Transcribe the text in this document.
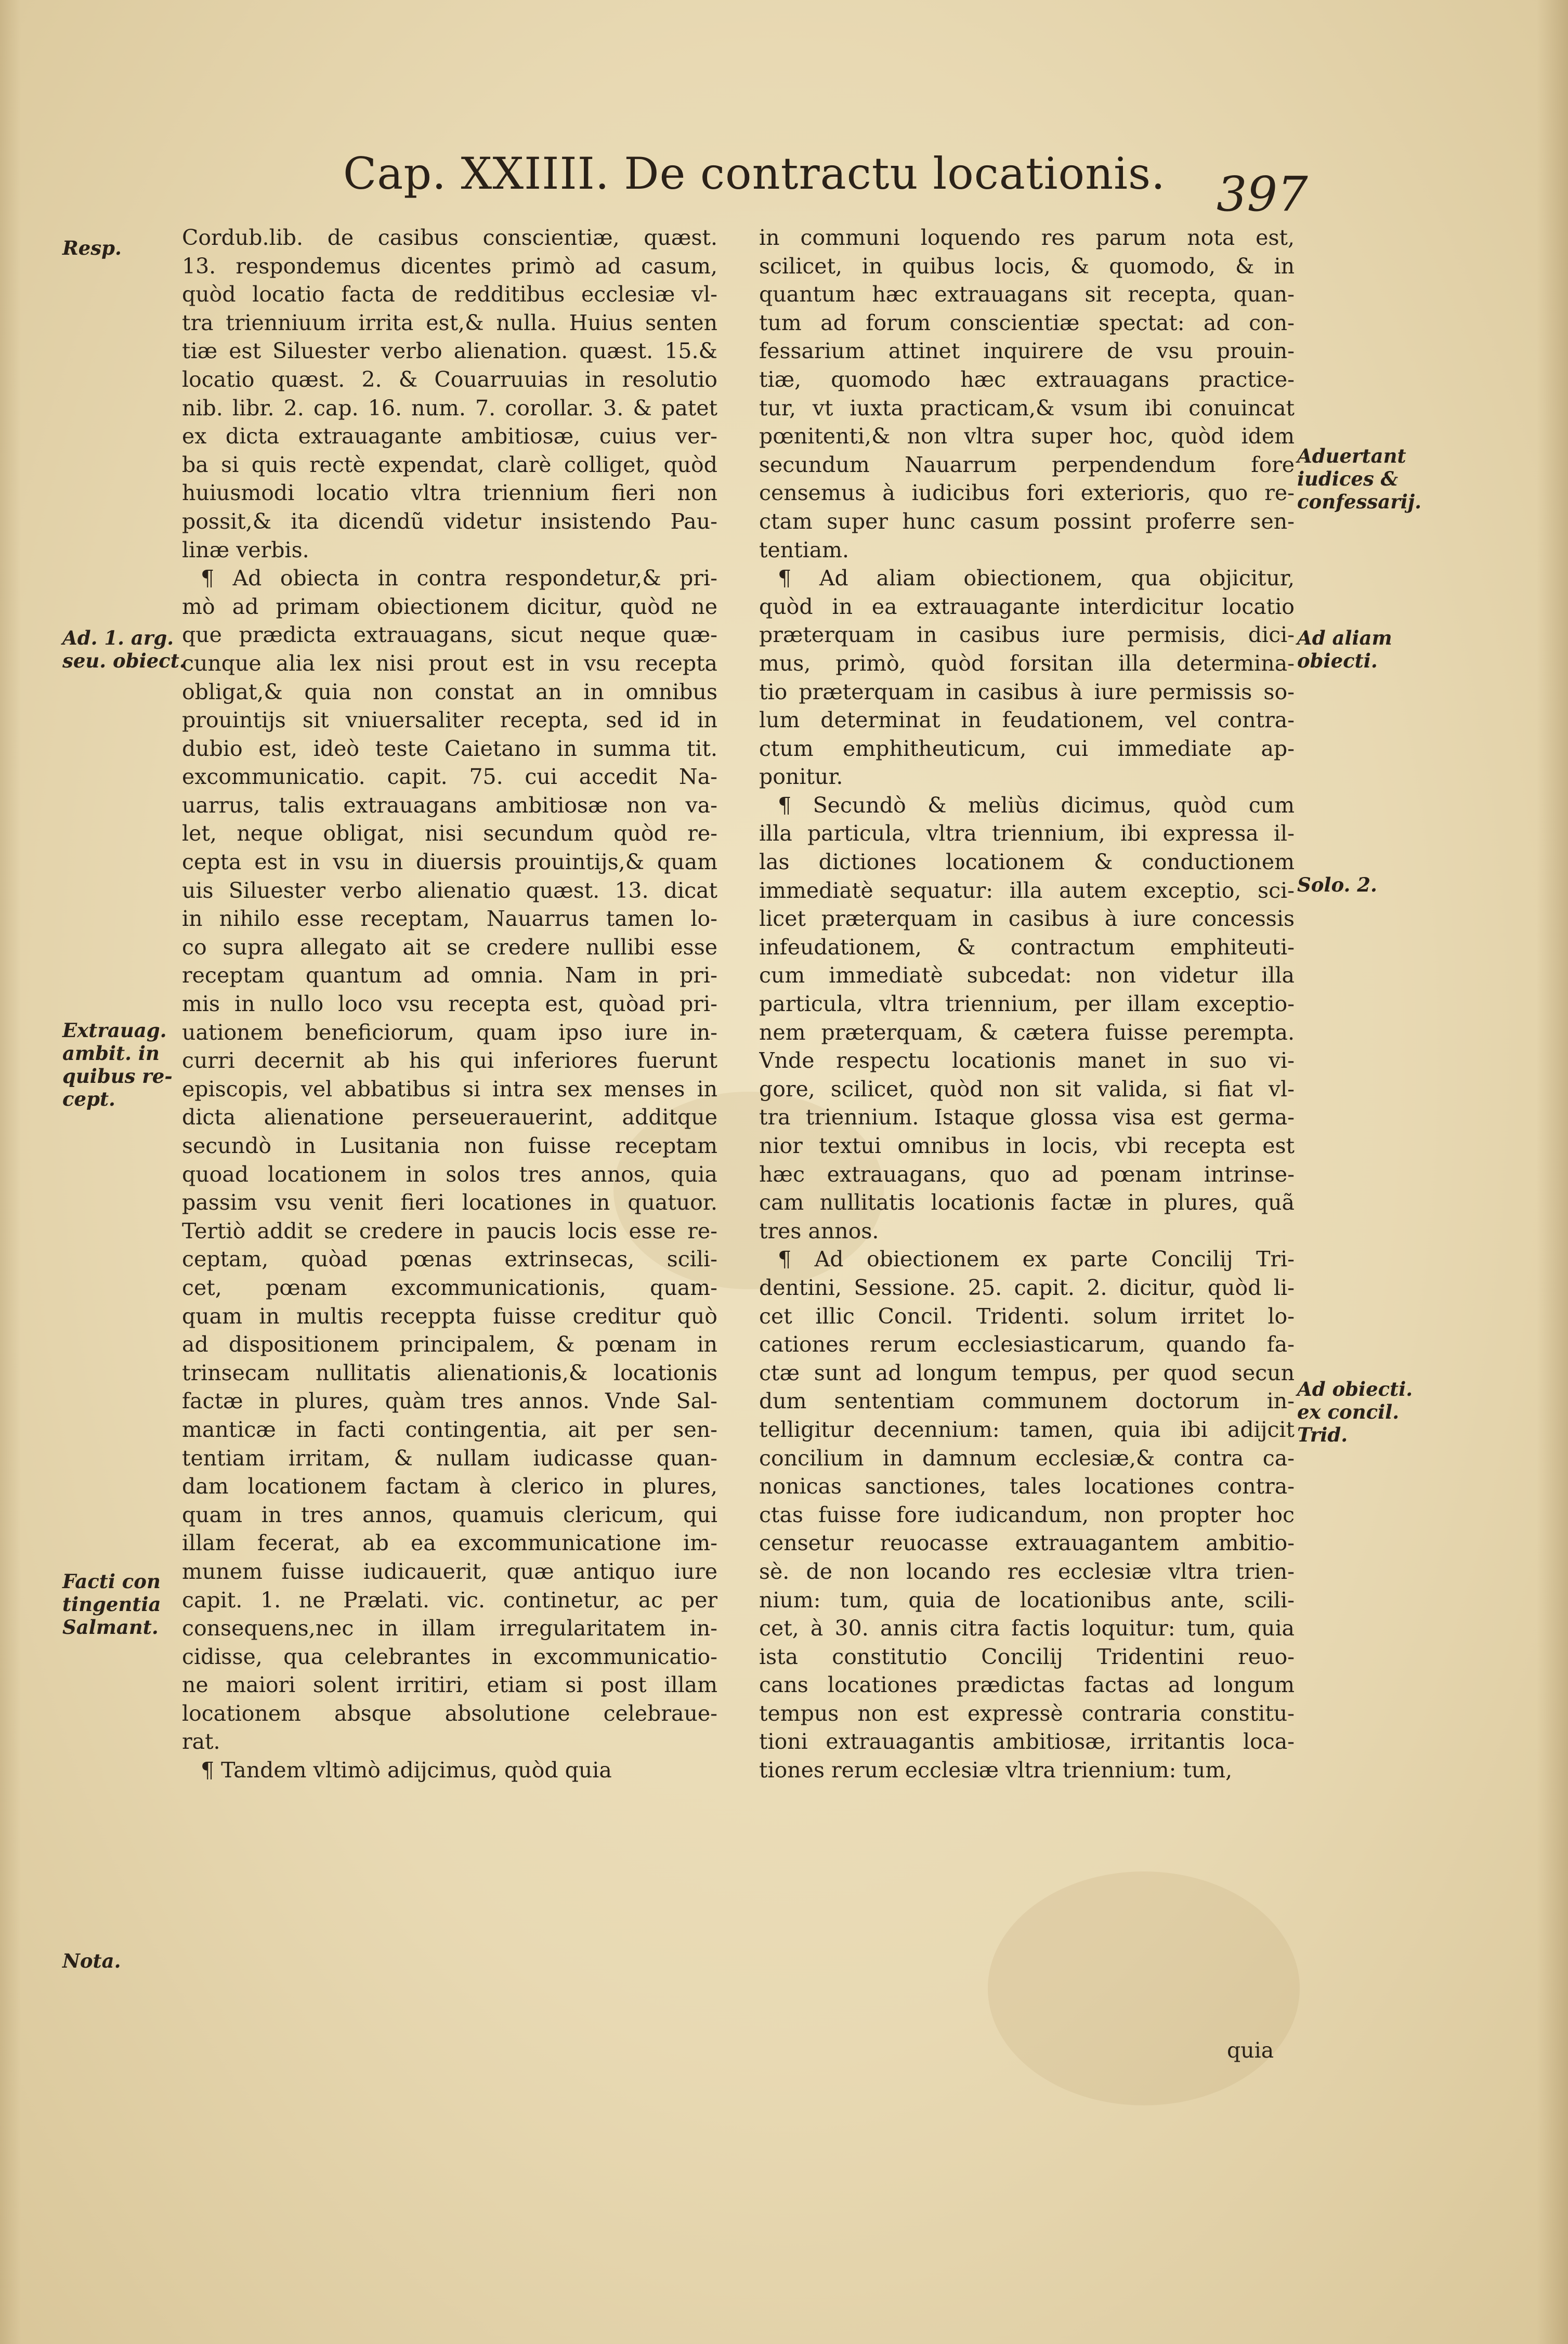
Cap. XXIIII. De contractu locationis. 397
Cordub.lib. de casibus conscientiæ, quæst.
13. respondemus dicentes primò ad casum,
quòd locatio facta de redditibus ecclesiæ vl-
tra trienniuum irrita est,& nulla. Huius senten
tiæ est Siluester verbo alienation. quæst. 15.&
locatio quæst. 2. & Couarruuias in resolutio
nib. libr. 2. cap. 16. num. 7. corollar. 3. & patet
ex dicta extrauagante ambitiosæ, cuius ver-
ba si quis rectè expendat, clarè colliget, quòd
huiusmodi locatio vltra triennium fieri non
possit,& ita dicendũ videtur insistendo Pau-
linæ verbis.
¶ Ad obiecta in contra respondetur,& pri-
mò ad primam obiectionem dicitur, quòd ne
que prædicta extrauagans, sicut neque quæ-
cunque alia lex nisi prout est in vsu recepta
obligat,& quia non constat an in omnibus
prouintijs sit vniuersaliter recepta, sed id in
dubio est, ideò teste Caietano in summa tit.
excommunicatio. capit. 75. cui accedit Na-
uarrus, talis extrauagans ambitiosæ non va-
let, neque obligat, nisi secundum quòd re-
cepta est in vsu in diuersis prouintijs,& quam
uis Siluester verbo alienatio quæst. 13. dicat
in nihilo esse receptam, Nauarrus tamen lo-
co supra allegato ait se credere nullibi esse
receptam quantum ad omnia. Nam in pri-
mis in nullo loco vsu recepta est, quòad pri-
uationem beneficiorum, quam ipso iure in-
curri decernit ab his qui inferiores fuerunt
episcopis, vel abbatibus si intra sex menses in
dicta alienatione perseuerauerint, additque
secundò in Lusitania non fuisse receptam
quoad locationem in solos tres annos, quia
passim vsu venit fieri locationes in quatuor.
Tertiò addit se credere in paucis locis esse re-
ceptam, quòad pœnas extrinsecas, scili-
cet, pœnam excommunicationis, quam-
quam in multis receppta fuisse creditur quò
ad dispositionem principalem, & pœnam in
trinsecam nullitatis alienationis,& locationis
factæ in plures, quàm tres annos. Vnde Sal-
manticæ in facti contingentia, ait per sen-
tentiam irritam, & nullam iudicasse quan-
dam locationem factam à clerico in plures,
quam in tres annos, quamuis clericum, qui
illam fecerat, ab ea excommunicatione im-
munem fuisse iudicauerit, quæ antiquo iure
capit. 1. ne Prælati. vic. continetur, ac per
consequens,nec in illam irregularitatem in-
cidisse, qua celebrantes in excommunicatio-
ne maiori solent irritiri, etiam si post illam
locationem absque absolutione celebraue-
rat.
¶ Tandem vltimò adijcimus, quòd quia
in communi loquendo res parum nota est,
scilicet, in quibus locis, & quomodo, & in
quantum hæc extrauagans sit recepta, quan-
tum ad forum conscientiæ spectat: ad con-
fessarium attinet inquirere de vsu prouin-
tiæ, quomodo hæc extrauagans practice-
tur, vt iuxta practicam,& vsum ibi conuincat
pœnitenti,& non vltra super hoc, quòd idem
secundum Nauarrum perpendendum fore
censemus à iudicibus fori exterioris, quo re-
ctam super hunc casum possint proferre sen-
tentiam.
¶ Ad aliam obiectionem, qua objicitur,
quòd in ea extrauagante interdicitur locatio
præterquam in casibus iure permisis, dici-
mus, primò, quòd forsitan illa determina-
tio præterquam in casibus à iure permissis so-
lum determinat in feudationem, vel contra-
ctum emphitheuticum, cui immediate ap-
ponitur.
¶ Secundò & meliùs dicimus, quòd cum
illa particula, vltra triennium, ibi expressa il-
las dictiones locationem & conductionem
immediatè sequatur: illa autem exceptio, sci-
licet præterquam in casibus à iure concessis
infeudationem, & contractum emphiteuti-
cum immediatè subcedat: non videtur illa
particula, vltra triennium, per illam exceptio-
nem præterquam, & cætera fuisse perempta.
Vnde respectu locationis manet in suo vi-
gore, scilicet, quòd non sit valida, si fiat vl-
tra triennium. Istaque glossa visa est germa-
nior textui omnibus in locis, vbi recepta est
hæc extrauagans, quo ad pœnam intrinse-
cam nullitatis locationis factæ in plures, quã
tres annos.
¶ Ad obiectionem ex parte Concilij Tri-
dentini, Sessione. 25. capit. 2. dicitur, quòd li-
cet illic Concil. Tridenti. solum irritet lo-
cationes rerum ecclesiasticarum, quando fa-
ctæ sunt ad longum tempus, per quod secun
dum sententiam communem doctorum in-
telligitur decennium: tamen, quia ibi adijcit
concilium in damnum ecclesiæ,& contra ca-
nonicas sanctiones, tales locationes contra-
ctas fuisse fore iudicandum, non propter hoc
censetur reuocasse extrauagantem ambitio-
sè. de non locando res ecclesiæ vltra trien-
nium: tum, quia de locationibus ante, scili-
cet, à 30. annis citra factis loquitur: tum, quia
ista constitutio Concilij Tridentini reuo-
cans locationes prædictas factas ad longum
tempus non est expressè contraria constitu-
tioni extrauagantis ambitiosæ, irritantis loca-
tiones rerum ecclesiæ vltra triennium: tum,
quia
Resp.
Ad. 1. arg.
seu. obiect.
Extrauag.
ambit. in
quibus re-
cept.
Facti con
tingentia
Salmant.
Nota.
Aduertant
iudices &
confessarij.
Ad aliam
obiecti.
Solo. 2.
Ad obiecti.
ex concil.
Trid.
